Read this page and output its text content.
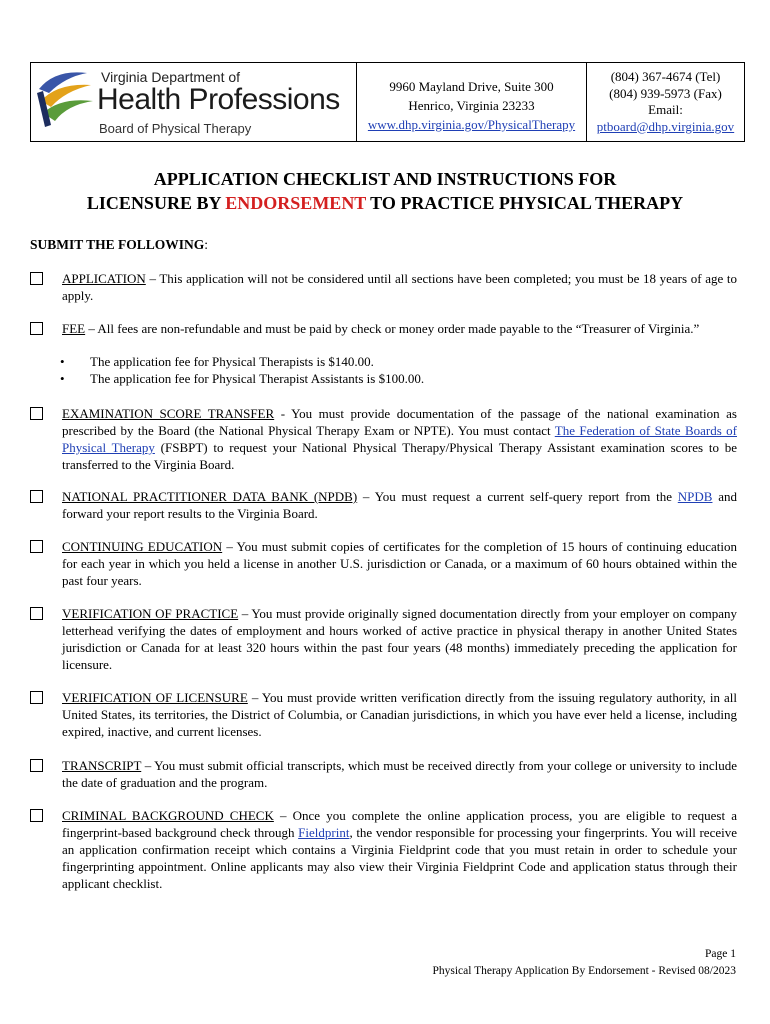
Virginia Department of
Health Professions
Board of Physical Therapy
9960 Mayland Drive, Suite 300
Henrico, Virginia 23233
www.dhp.virginia.gov/PhysicalTherapy
(804) 367-4674 (Tel)
(804) 939-5973 (Fax)
Email:
ptboard@dhp.virginia.gov
APPLICATION CHECKLIST AND INSTRUCTIONS FOR
LICENSURE BY ENDORSEMENT TO PRACTICE PHYSICAL THERAPY
SUBMIT THE FOLLOWING:
APPLICATION – This application will not be considered until all sections have been completed; you must be 18 years of age to apply.
FEE – All fees are non-refundable and must be paid by check or money order made payable to the “Treasurer of Virginia.”
• The application fee for Physical Therapists is $140.00.
• The application fee for Physical Therapist Assistants is $100.00.
EXAMINATION SCORE TRANSFER - You must provide documentation of the passage of the national examination as prescribed by the Board (the National Physical Therapy Exam or NPTE). You must contact The Federation of State Boards of Physical Therapy (FSBPT) to request your National Physical Therapy/Physical Therapy Assistant examination scores to be transferred to the Virginia Board.
NATIONAL PRACTITIONER DATA BANK (NPDB) – You must request a current self-query report from the NPDB and forward your report results to the Virginia Board.
CONTINUING EDUCATION – You must submit copies of certificates for the completion of 15 hours of continuing education for each year in which you held a license in another U.S. jurisdiction or Canada, or a maximum of 60 hours obtained within the past four years.
VERIFICATION OF PRACTICE – You must provide originally signed documentation directly from your employer on company letterhead verifying the dates of employment and hours worked of active practice in physical therapy in another United States jurisdiction or Canada for at least 320 hours within the past four years (48 months) immediately preceding the application for licensure.
VERIFICATION OF LICENSURE – You must provide written verification directly from the issuing regulatory authority, in all United States, its territories, the District of Columbia, or Canadian jurisdictions, in which you have ever held a license, including expired, inactive, and current licenses.
TRANSCRIPT – You must submit official transcripts, which must be received directly from your college or university to include the date of graduation and the program.
CRIMINAL BACKGROUND CHECK – Once you complete the online application process, you are eligible to request a fingerprint-based background check through Fieldprint, the vendor responsible for processing your fingerprints. You will receive an application confirmation receipt which contains a Virginia Fieldprint code that you must retain in order to schedule your fingerprinting appointment. Online applicants may also view their Virginia Fieldprint Code and application status through their applicant checklist.
Page 1
Physical Therapy Application By Endorsement - Revised 08/2023
